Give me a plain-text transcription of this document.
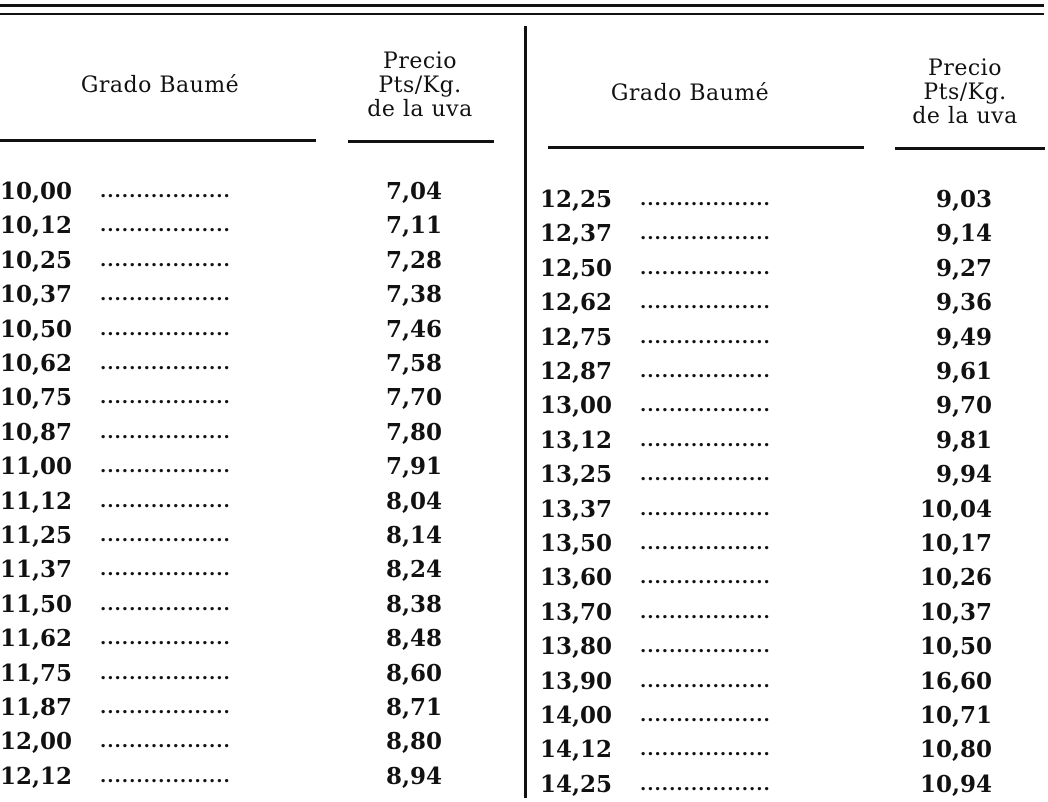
Grado Baumé
Precio
Pts/Kg.
de la uva
10,00 ..................	7,04
10,12 ..................	7,11
10,25 ..................	7,28
10,37 ..................	7,38
10,50 ..................	7,46
10,62 ..................	7,58
10,75 ..................	7,70
10,87 ..................	7,80
11,00 ..................	7,91
11,12 ..................	8,04
11,25 ..................	8,14
11,37 ..................	8,24
11,50 ..................	8,38
11,62 ..................	8,48
11,75 ..................	8,60
11,87 ..................	8,71
12,00 ..................	8,80
12,12 ..................	8,94
Grado Baumé
Precio
Pts/Kg.
de la uva
12,25 ..................	9,03
12,37 ..................	9,14
12,50 ..................	9,27
12,62 ..................	9,36
12,75 ..................	9,49
12,87 ..................	9,61
13,00 ..................	9,70
13,12 ..................	9,81
13,25 ..................	9,94
13,37 ..................	10,04
13,50 ..................	10,17
13,60 ..................	10,26
13,70 ..................	10,37
13,80 ..................	10,50
13,90 ..................	16,60
14,00 ..................	10,71
14,12 ..................	10,80
14,25 ..................	10,94
